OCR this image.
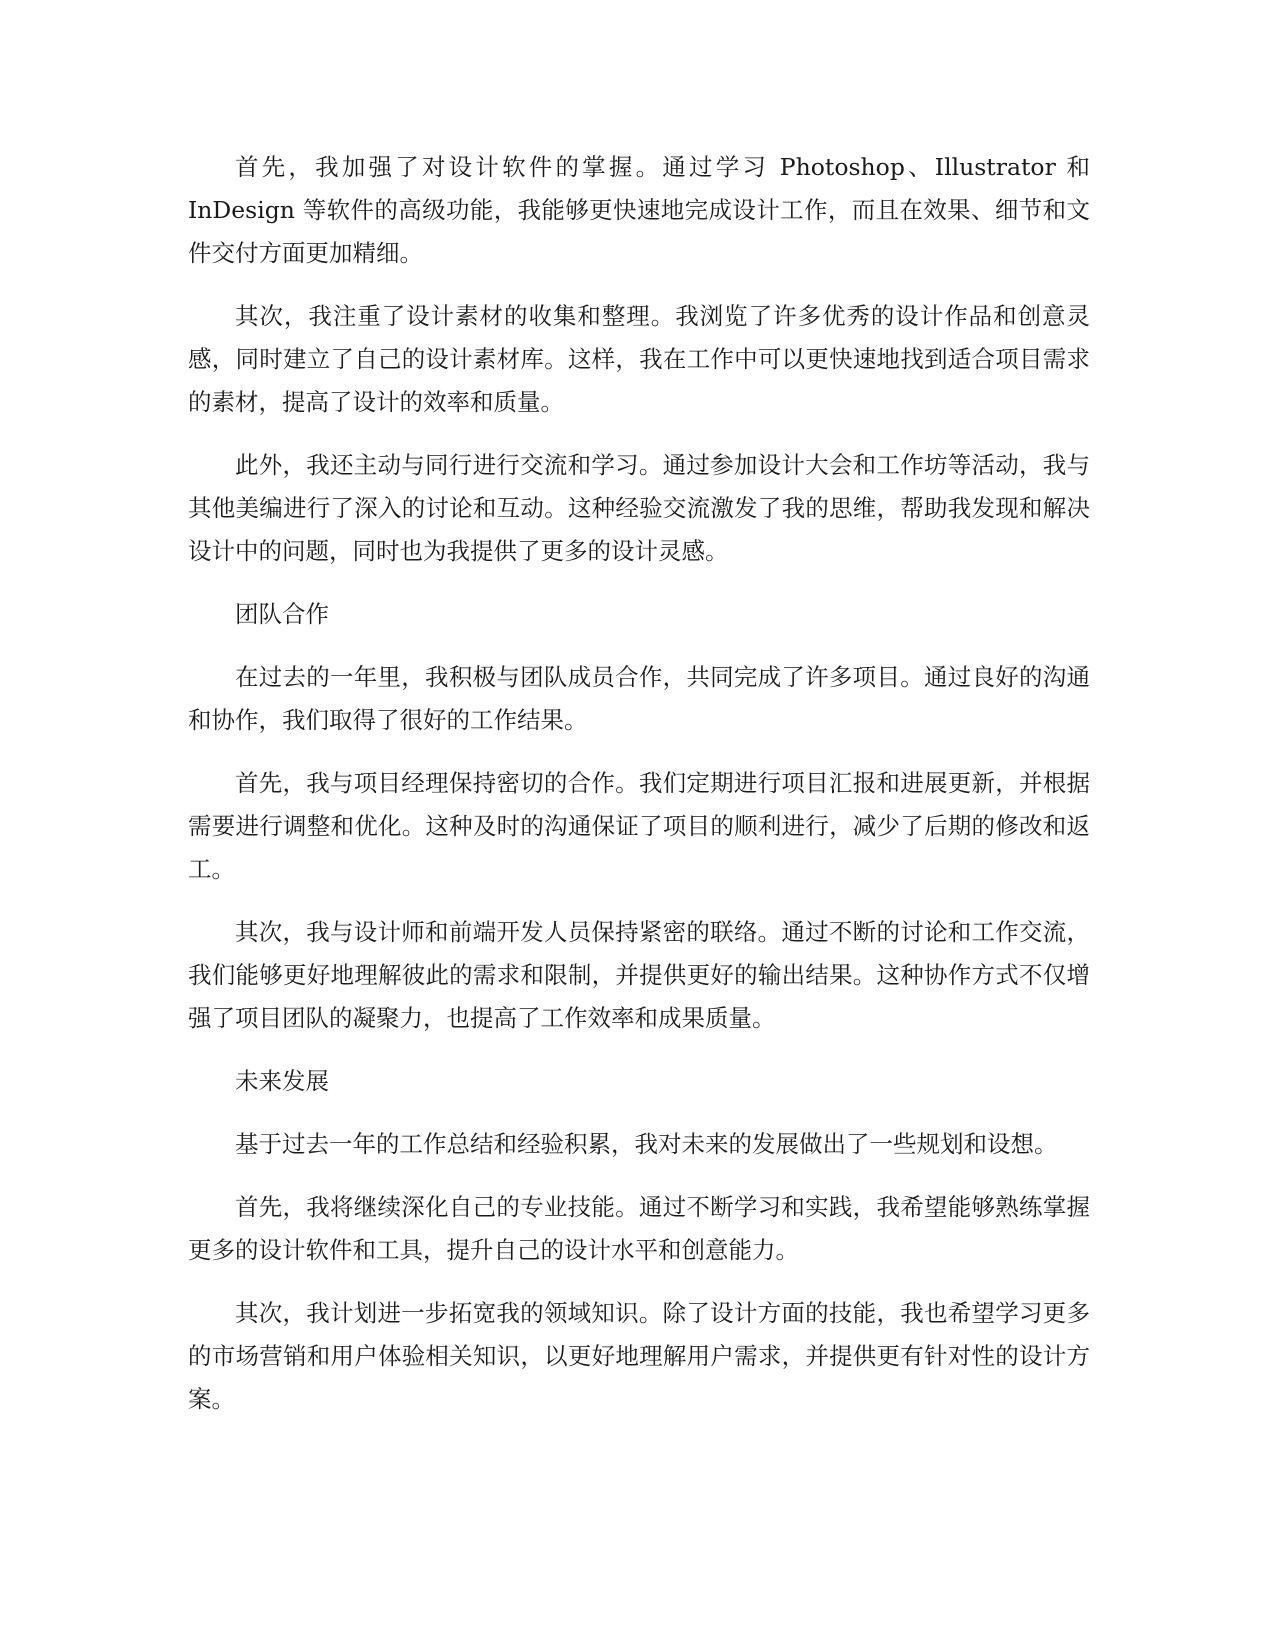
首先，我加强了对设计软件的掌握。通过学习 Photoshop、Illustrator 和 InDesign 等软件的高级功能，我能够更快速地完成设计工作，而且在效果、细节和文件交付方面更加精细。

其次，我注重了设计素材的收集和整理。我浏览了许多优秀的设计作品和创意灵感，同时建立了自己的设计素材库。这样，我在工作中可以更快速地找到适合项目需求的素材，提高了设计的效率和质量。

此外，我还主动与同行进行交流和学习。通过参加设计大会和工作坊等活动，我与其他美编进行了深入的讨论和互动。这种经验交流激发了我的思维，帮助我发现和解决设计中的问题，同时也为我提供了更多的设计灵感。

团队合作

在过去的一年里，我积极与团队成员合作，共同完成了许多项目。通过良好的沟通和协作，我们取得了很好的工作结果。

首先，我与项目经理保持密切的合作。我们定期进行项目汇报和进展更新，并根据需要进行调整和优化。这种及时的沟通保证了项目的顺利进行，减少了后期的修改和返工。

其次，我与设计师和前端开发人员保持紧密的联络。通过不断的讨论和工作交流，我们能够更好地理解彼此的需求和限制，并提供更好的输出结果。这种协作方式不仅增强了项目团队的凝聚力，也提高了工作效率和成果质量。

未来发展

基于过去一年的工作总结和经验积累，我对未来的发展做出了一些规划和设想。

首先，我将继续深化自己的专业技能。通过不断学习和实践，我希望能够熟练掌握更多的设计软件和工具，提升自己的设计水平和创意能力。

其次，我计划进一步拓宽我的领域知识。除了设计方面的技能，我也希望学习更多的市场营销和用户体验相关知识，以更好地理解用户需求，并提供更有针对性的设计方案。
